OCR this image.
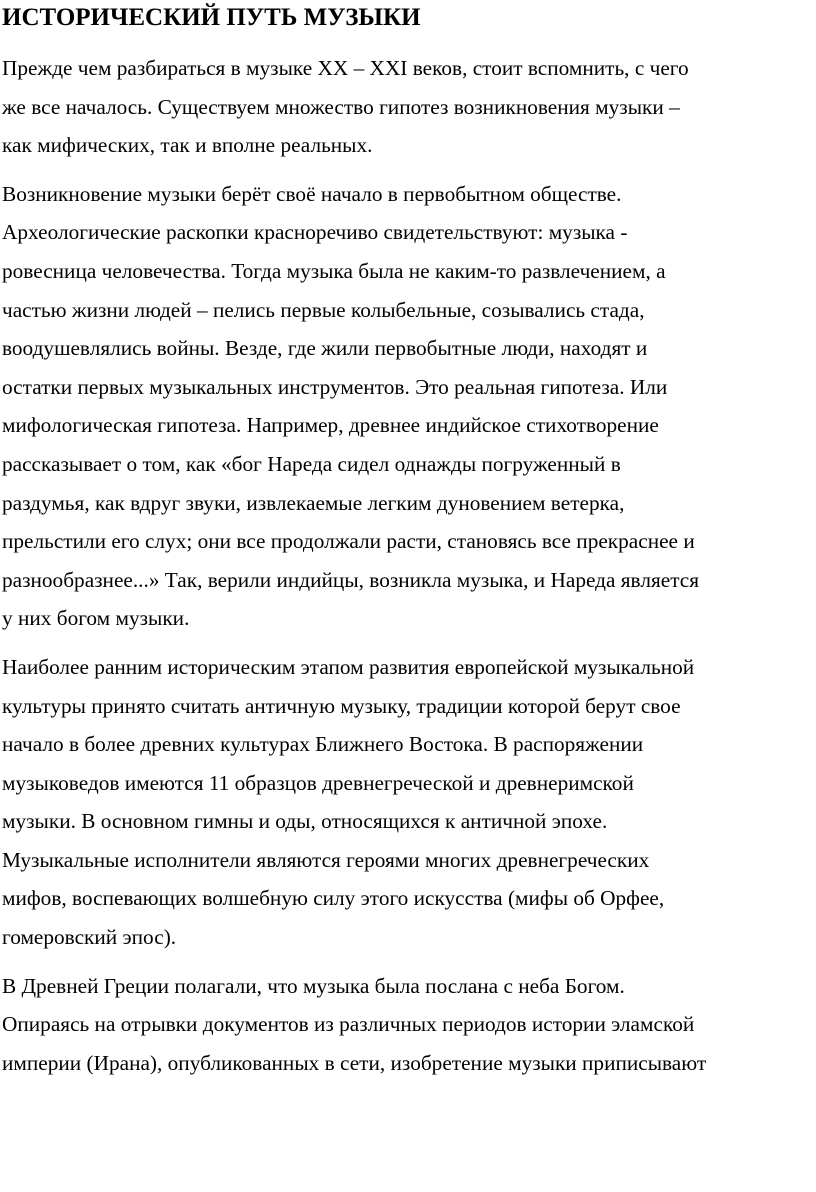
ИСТОРИЧЕСКИЙ ПУТЬ МУЗЫКИ

Прежде чем разбираться в музыке XX – XXI веков, стоит вспомнить, с чего
же все началось. Существуем множество гипотез возникновения музыки –
как мифических, так и вполне реальных.

Возникновение музыки берёт своё начало в первобытном обществе.
Археологические раскопки красноречиво свидетельствуют: музыка -
ровесница человечества. Тогда музыка была не каким-то развлечением, а
частью жизни людей – пелись первые колыбельные, созывались стада,
воодушевлялись войны. Везде, где жили первобытные люди, находят и
остатки первых музыкальных инструментов. Это реальная гипотеза. Или
мифологическая гипотеза. Например, древнее индийское стихотворение
рассказывает о том, как «бог Нареда сидел однажды погруженный в
раздумья, как вдруг звуки, извлекаемые легким дуновением ветерка,
прельстили его слух; они все продолжали расти, становясь все прекраснее и
разнообразнее...» Так, верили индийцы, возникла музыка, и Нареда является
у них богом музыки.

Наиболее ранним историческим этапом развития европейской музыкальной
культуры принято считать античную музыку, традиции которой берут свое
начало в более древних культурах Ближнего Востока. В распоряжении
музыковедов имеются 11 образцов древнегреческой и древнеримской
музыки. В основном гимны и оды, относящихся к античной эпохе.
Музыкальные исполнители являются героями многих древнегреческих
мифов, воспевающих волшебную силу этого искусства (мифы об Орфее,
гомеровский эпос).

В Древней Греции полагали, что музыка была послана с неба Богом.
Опираясь на отрывки документов из различных периодов истории эламской
империи (Ирана), опубликованных в сети, изобретение музыки приписывают
